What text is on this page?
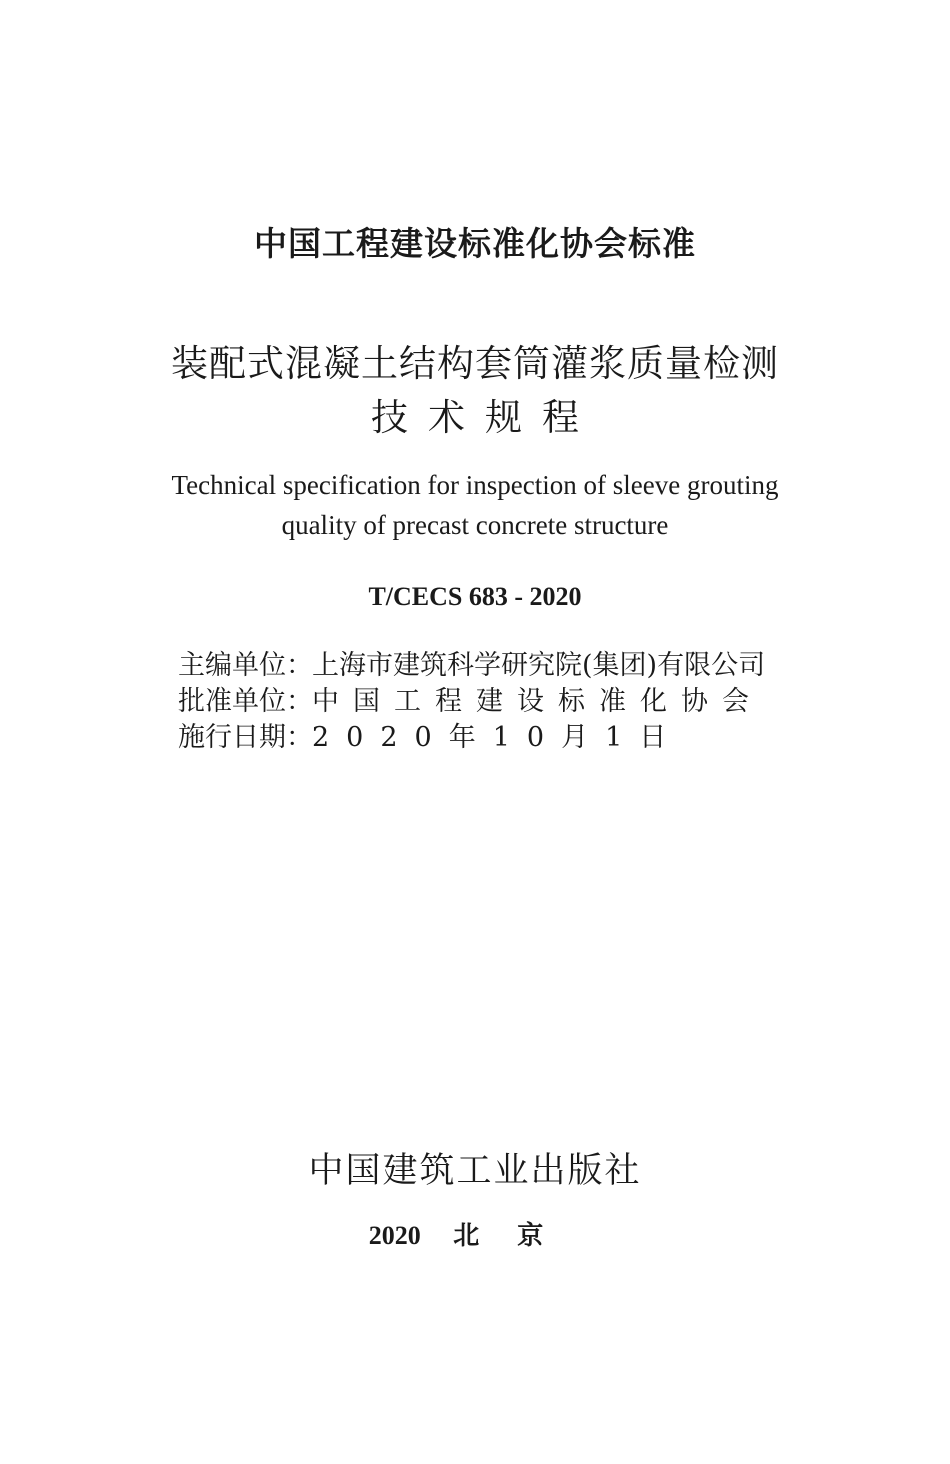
中国工程建设标准化协会标准
装配式混凝土结构套筒灌浆质量检测
技术规程
Technical specification for inspection of sleeve grouting
quality of precast concrete structure
T/CECS 683 - 2020
主编单位： 上海市建筑科学研究院(集团)有限公司
批准单位： 中国工程建设标准化协会
施行日期： 2020年10月1日
中国建筑工业出版社
2020 北京
